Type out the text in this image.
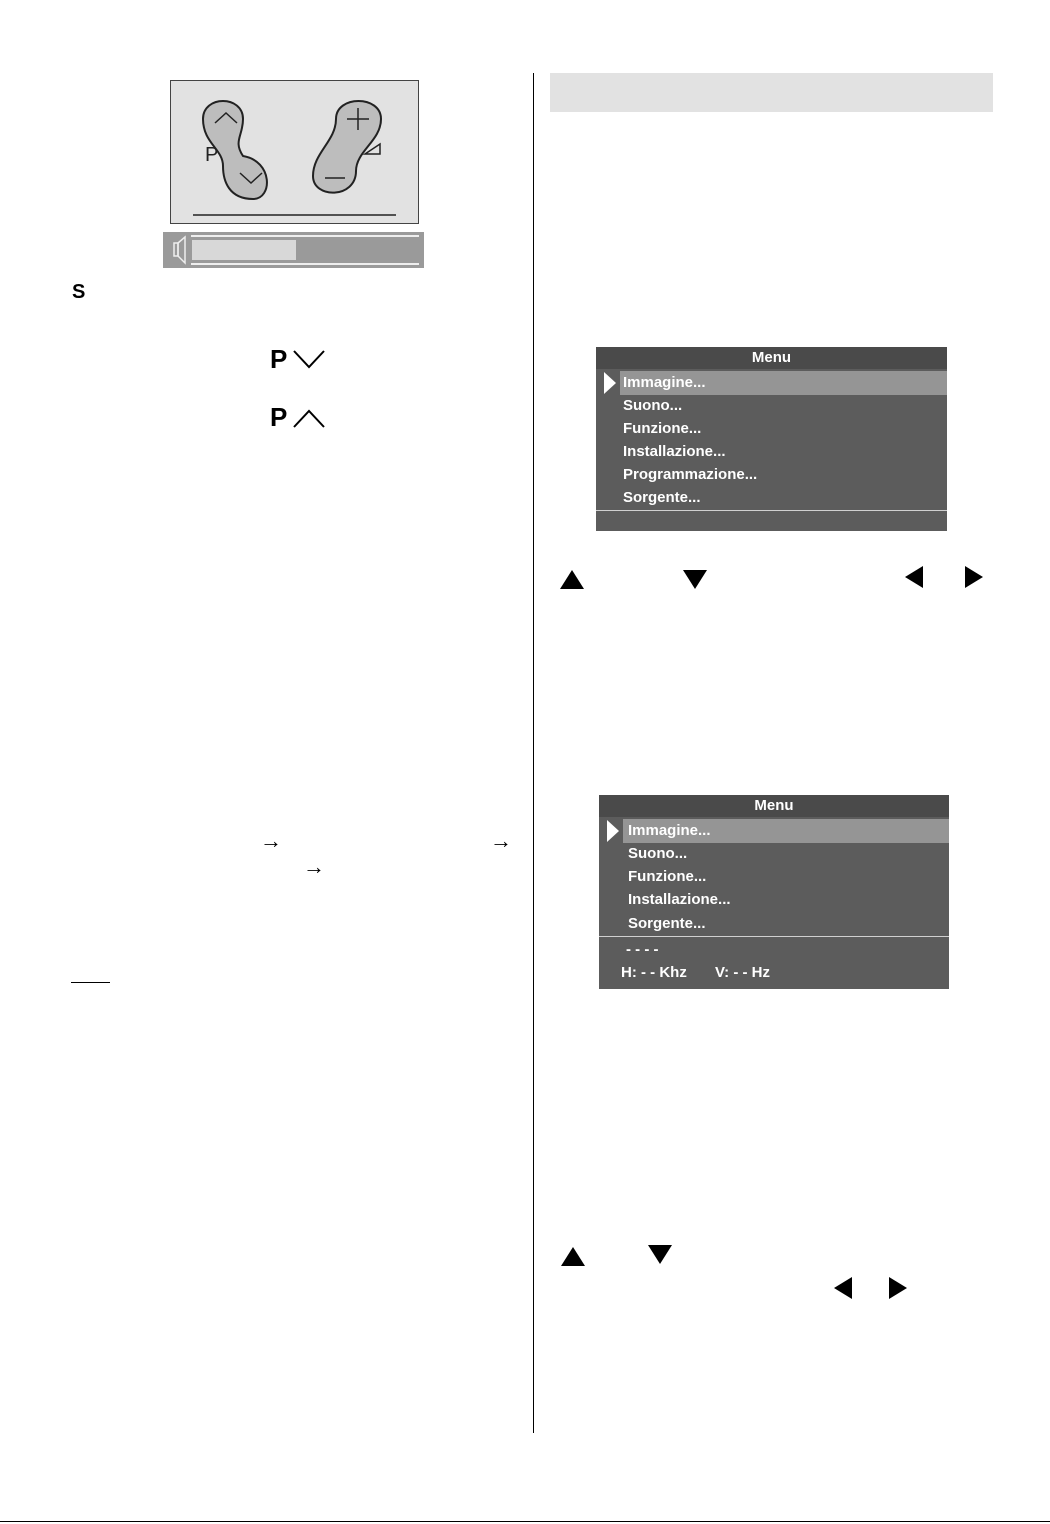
P
S
P
P
→	→
→
Menu
Immagine...
Suono...
Funzione...
Installazione...
Programmazione...
Sorgente...
Menu
Immagine...
Suono...
Funzione...
Installazione...
Sorgente...
- - - -
H: - - Khz V: - - Hz
